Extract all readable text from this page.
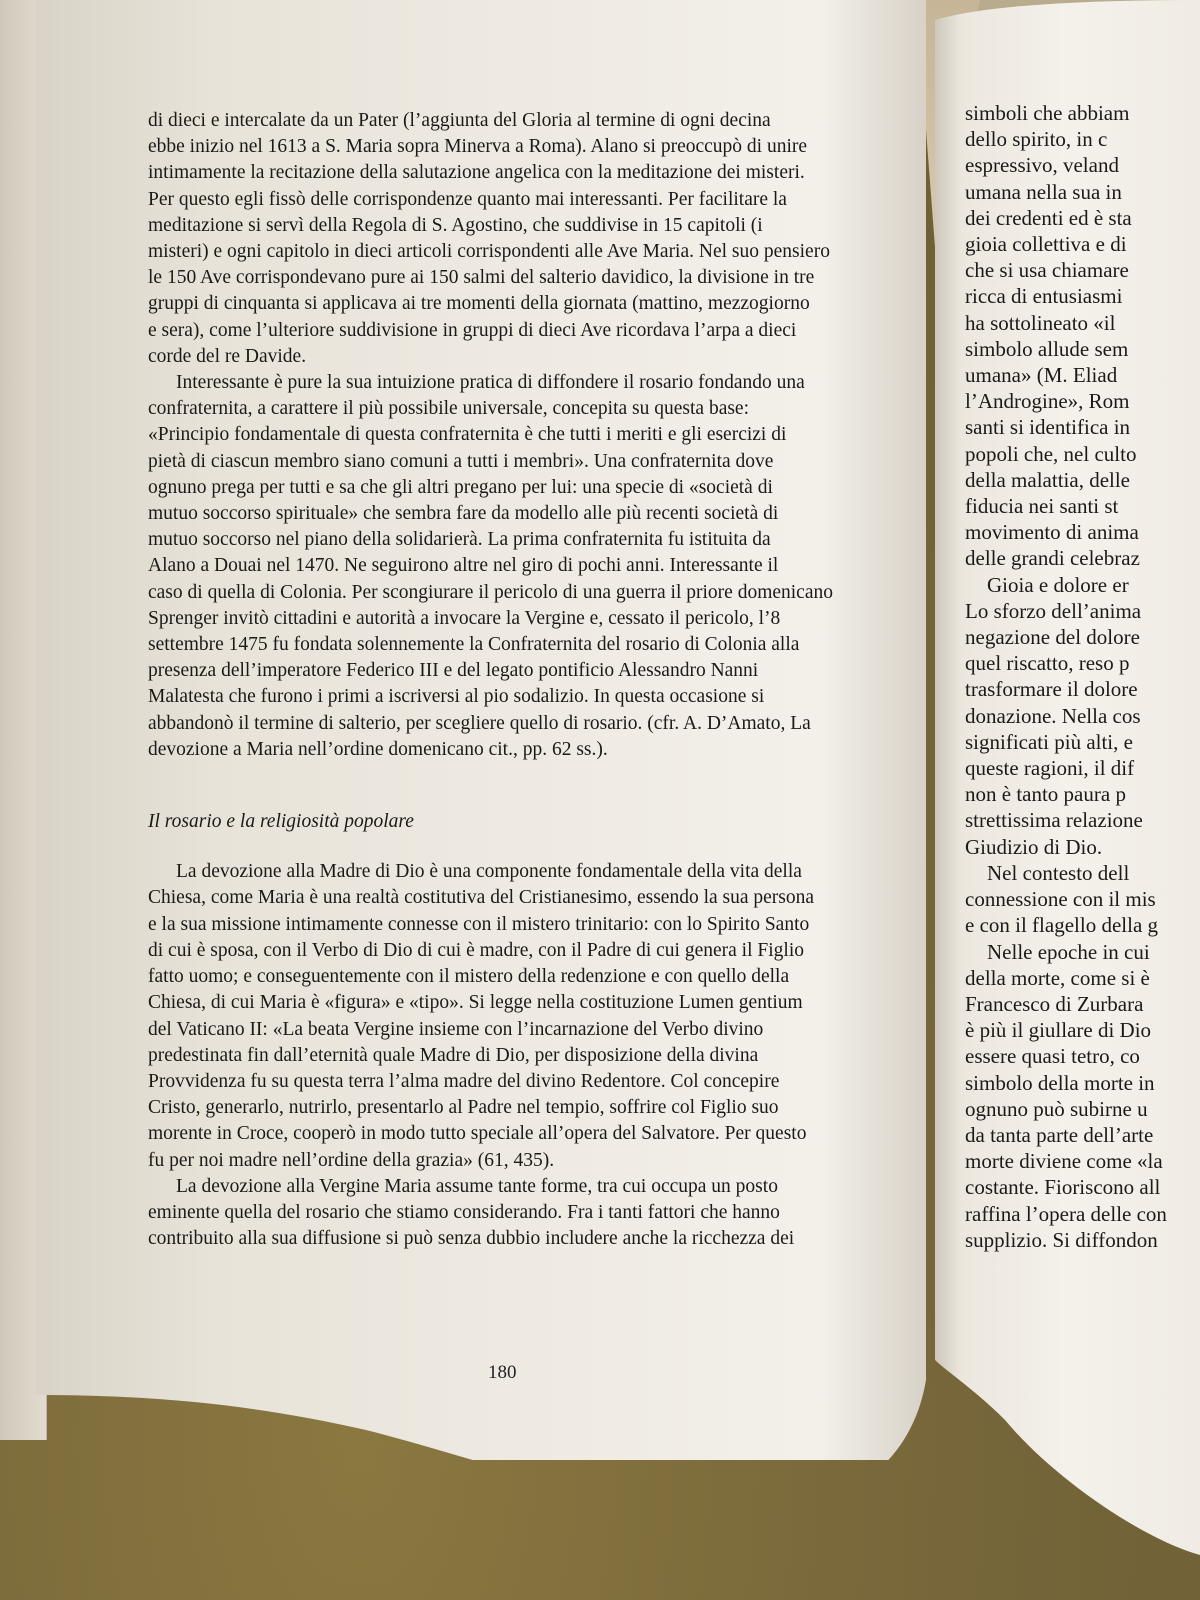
di dieci e intercalate da un Pater (l’aggiunta del Gloria al termine di ogni decina
ebbe inizio nel 1613 a S. Maria sopra Minerva a Roma). Alano si preoccupò di unire
intimamente la recitazione della salutazione angelica con la meditazione dei misteri.
Per questo egli fissò delle corrispondenze quanto mai interessanti. Per facilitare la
meditazione si servì della Regola di S. Agostino, che suddivise in 15 capitoli (i
misteri) e ogni capitolo in dieci articoli corrispondenti alle Ave Maria. Nel suo pensiero
le 150 Ave corrispondevano pure ai 150 salmi del salterio davidico, la divisione in tre
gruppi di cinquanta si applicava ai tre momenti della giornata (mattino, mezzogiorno
e sera), come l’ulteriore suddivisione in gruppi di dieci Ave ricordava l’arpa a dieci
corde del re Davide.

Interessante è pure la sua intuizione pratica di diffondere il rosario fondando una
confraternita, a carattere il più possibile universale, concepita su questa base:
«Principio fondamentale di questa confraternita è che tutti i meriti e gli esercizi di
pietà di ciascun membro siano comuni a tutti i membri». Una confraternita dove
ognuno prega per tutti e sa che gli altri pregano per lui: una specie di «società di
mutuo soccorso spirituale» che sembra fare da modello alle più recenti società di
mutuo soccorso nel piano della solidarierà. La prima confraternita fu istituita da
Alano a Douai nel 1470. Ne seguirono altre nel giro di pochi anni. Interessante il
caso di quella di Colonia. Per scongiurare il pericolo di una guerra il priore domenicano
Sprenger invitò cittadini e autorità a invocare la Vergine e, cessato il pericolo, l’8
settembre 1475 fu fondata solennemente la Confraternita del rosario di Colonia alla
presenza dell’imperatore Federico III e del legato pontificio Alessandro Nanni
Malatesta che furono i primi a iscriversi al pio sodalizio. In questa occasione si
abbandonò il termine di salterio, per scegliere quello di rosario. (cfr. A. D’Amato, La
devozione a Maria nell’ordine domenicano cit., pp. 62 ss.).

Il rosario e la religiosità popolare

La devozione alla Madre di Dio è una componente fondamentale della vita della
Chiesa, come Maria è una realtà costitutiva del Cristianesimo, essendo la sua persona
e la sua missione intimamente connesse con il mistero trinitario: con lo Spirito Santo
di cui è sposa, con il Verbo di Dio di cui è madre, con il Padre di cui genera il Figlio
fatto uomo; e conseguentemente con il mistero della redenzione e con quello della
Chiesa, di cui Maria è «figura» e «tipo». Si legge nella costituzione Lumen gentium
del Vaticano II: «La beata Vergine insieme con l’incarnazione del Verbo divino
predestinata fin dall’eternità quale Madre di Dio, per disposizione della divina
Provvidenza fu su questa terra l’alma madre del divino Redentore. Col concepire
Cristo, generarlo, nutrirlo, presentarlo al Padre nel tempio, soffrire col Figlio suo
morente in Croce, cooperò in modo tutto speciale all’opera del Salvatore. Per questo
fu per noi madre nell’ordine della grazia» (61, 435).

La devozione alla Vergine Maria assume tante forme, tra cui occupa un posto
eminente quella del rosario che stiamo considerando. Fra i tanti fattori che hanno
contribuito alla sua diffusione si può senza dubbio includere anche la ricchezza dei

180
simboli che abbiam
dello spirito, in c
espressivo, veland
umana nella sua in
dei credenti ed è sta
gioia collettiva e di
che si usa chiamare
ricca di entusiasmi
ha sottolineato «il
simbolo allude sem
umana» (M. Eliad
l’Androgine», Rom
santi si identifica in
popoli che, nel culto
della malattia, delle
fiducia nei santi st
movimento di anima
delle grandi celebraz
Gioia e dolore er
Lo sforzo dell’anima
negazione del dolore
quel riscatto, reso p
trasformare il dolore
donazione. Nella cos
significati più alti, e
queste ragioni, il dif
non è tanto paura p
strettissima relazione
Giudizio di Dio.
Nel contesto dell
connessione con il mis
e con il flagello della g
Nelle epoche in cui
della morte, come si è
Francesco di Zurbara
è più il giullare di Dio
essere quasi tetro, co
simbolo della morte in
ognuno può subirne u
da tanta parte dell’arte
morte diviene come «la
costante. Fioriscono all
raffina l’opera delle con
supplizio. Si diffondon
